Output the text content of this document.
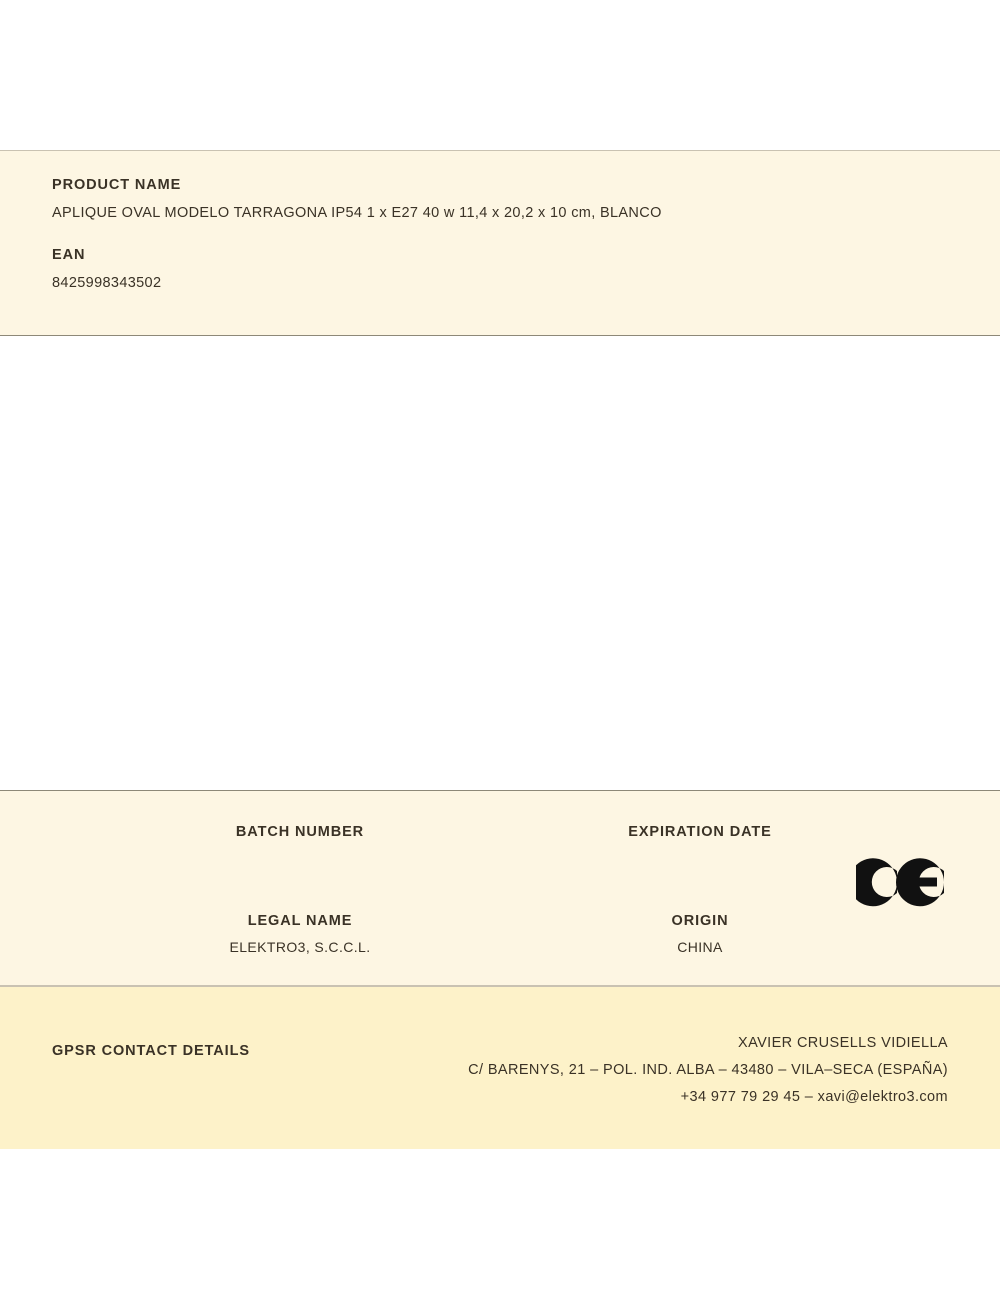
PRODUCT NAME

APLIQUE OVAL MODELO TARRAGONA IP54 1 x E27 40 w 11,4 x 20,2 x 10 cm, BLANCO

EAN

8425998343502

BATCH NUMBER	EXPIRATION DATE

LEGAL NAME

ELEKTRO3, S.C.C.L.

ORIGIN

CHINA

GPSR CONTACT DETAILS	XAVIER CRUSELLS VIDIELLA

C/ BARENYS, 21 – POL. IND. ALBA – 43480 – VILA–SECA (ESPAÑA)

+34 977 79 29 45 – xavi@elektro3.com
